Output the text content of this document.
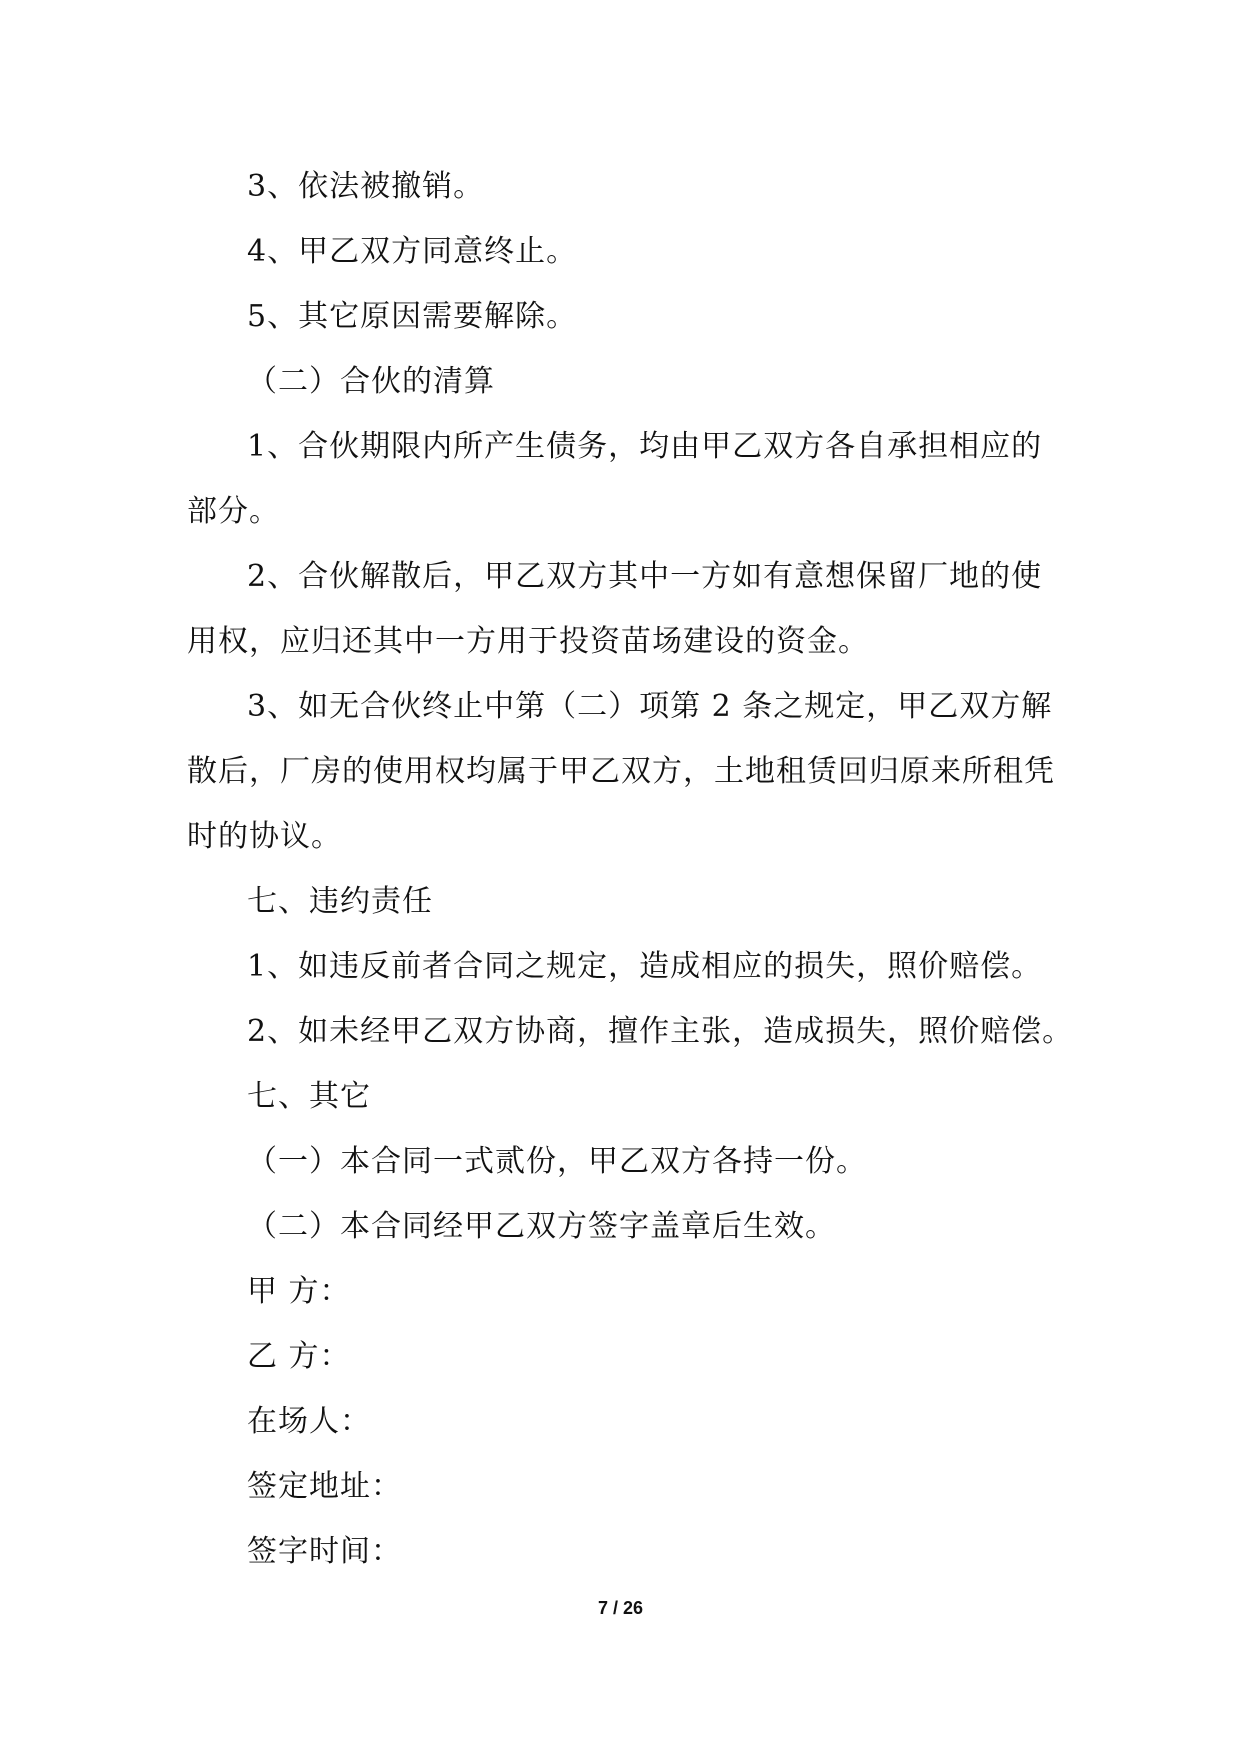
3、依法被撤销。

4、甲乙双方同意终止。

5、其它原因需要解除。

（二）合伙的清算

1、合伙期限内所产生债务，均由甲乙双方各自承担相应的部分。

2、合伙解散后，甲乙双方其中一方如有意想保留厂地的使用权，应归还其中一方用于投资苗场建设的资金。

3、如无合伙终止中第（二）项第 2 条之规定，甲乙双方解散后，厂房的使用权均属于甲乙双方，土地租赁回归原来所租凭时的协议。

七、违约责任

1、如违反前者合同之规定，造成相应的损失，照价赔偿。

2、如未经甲乙双方协商，擅作主张，造成损失，照价赔偿。

七、其它

（一）本合同一式贰份，甲乙双方各持一份。

（二）本合同经甲乙双方签字盖章后生效。

甲 方：

乙 方：

在场人：

签定地址：

签字时间：

7 / 26
